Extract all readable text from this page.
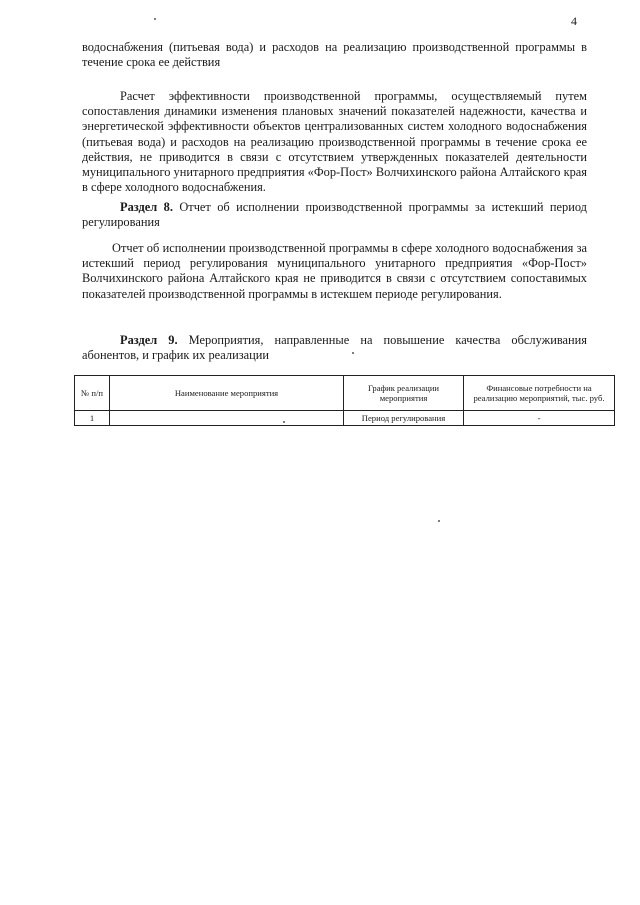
4
водоснабжения (питьевая вода) и расходов на реализацию производственной программы в течение срока ее действия
Расчет эффективности производственной программы, осуществляемый путем сопоставления динамики изменения плановых значений показателей надежности, качества и энергетической эффективности объектов централизованных систем холодного водоснабжения (питьевая вода) и расходов на реализацию производственной программы в течение срока ее действия, не приводится в связи с отсутствием утвержденных показателей деятельности муниципального унитарного предприятия «Фор-Пост» Волчихинского района Алтайского края в сфере холодного водоснабжения.
Раздел 8. Отчет об исполнении производственной программы за истекший период регулирования
Отчет об исполнении производственной программы в сфере холодного водоснабжения за истекший период регулирования муниципального унитарного предприятия «Фор-Пост» Волчихинского района Алтайского края не приводится в связи с отсутствием сопоставимых показателей производственной программы в истекшем периоде регулирования.
Раздел 9. Мероприятия, направленные на повышение качества обслуживания абонентов, и график их реализации
№ п/п	Наименование мероприятия	График реализации мероприятия	Финансовые потребности на реализацию мероприятий, тыс. руб.
1		Период регулирования	-
